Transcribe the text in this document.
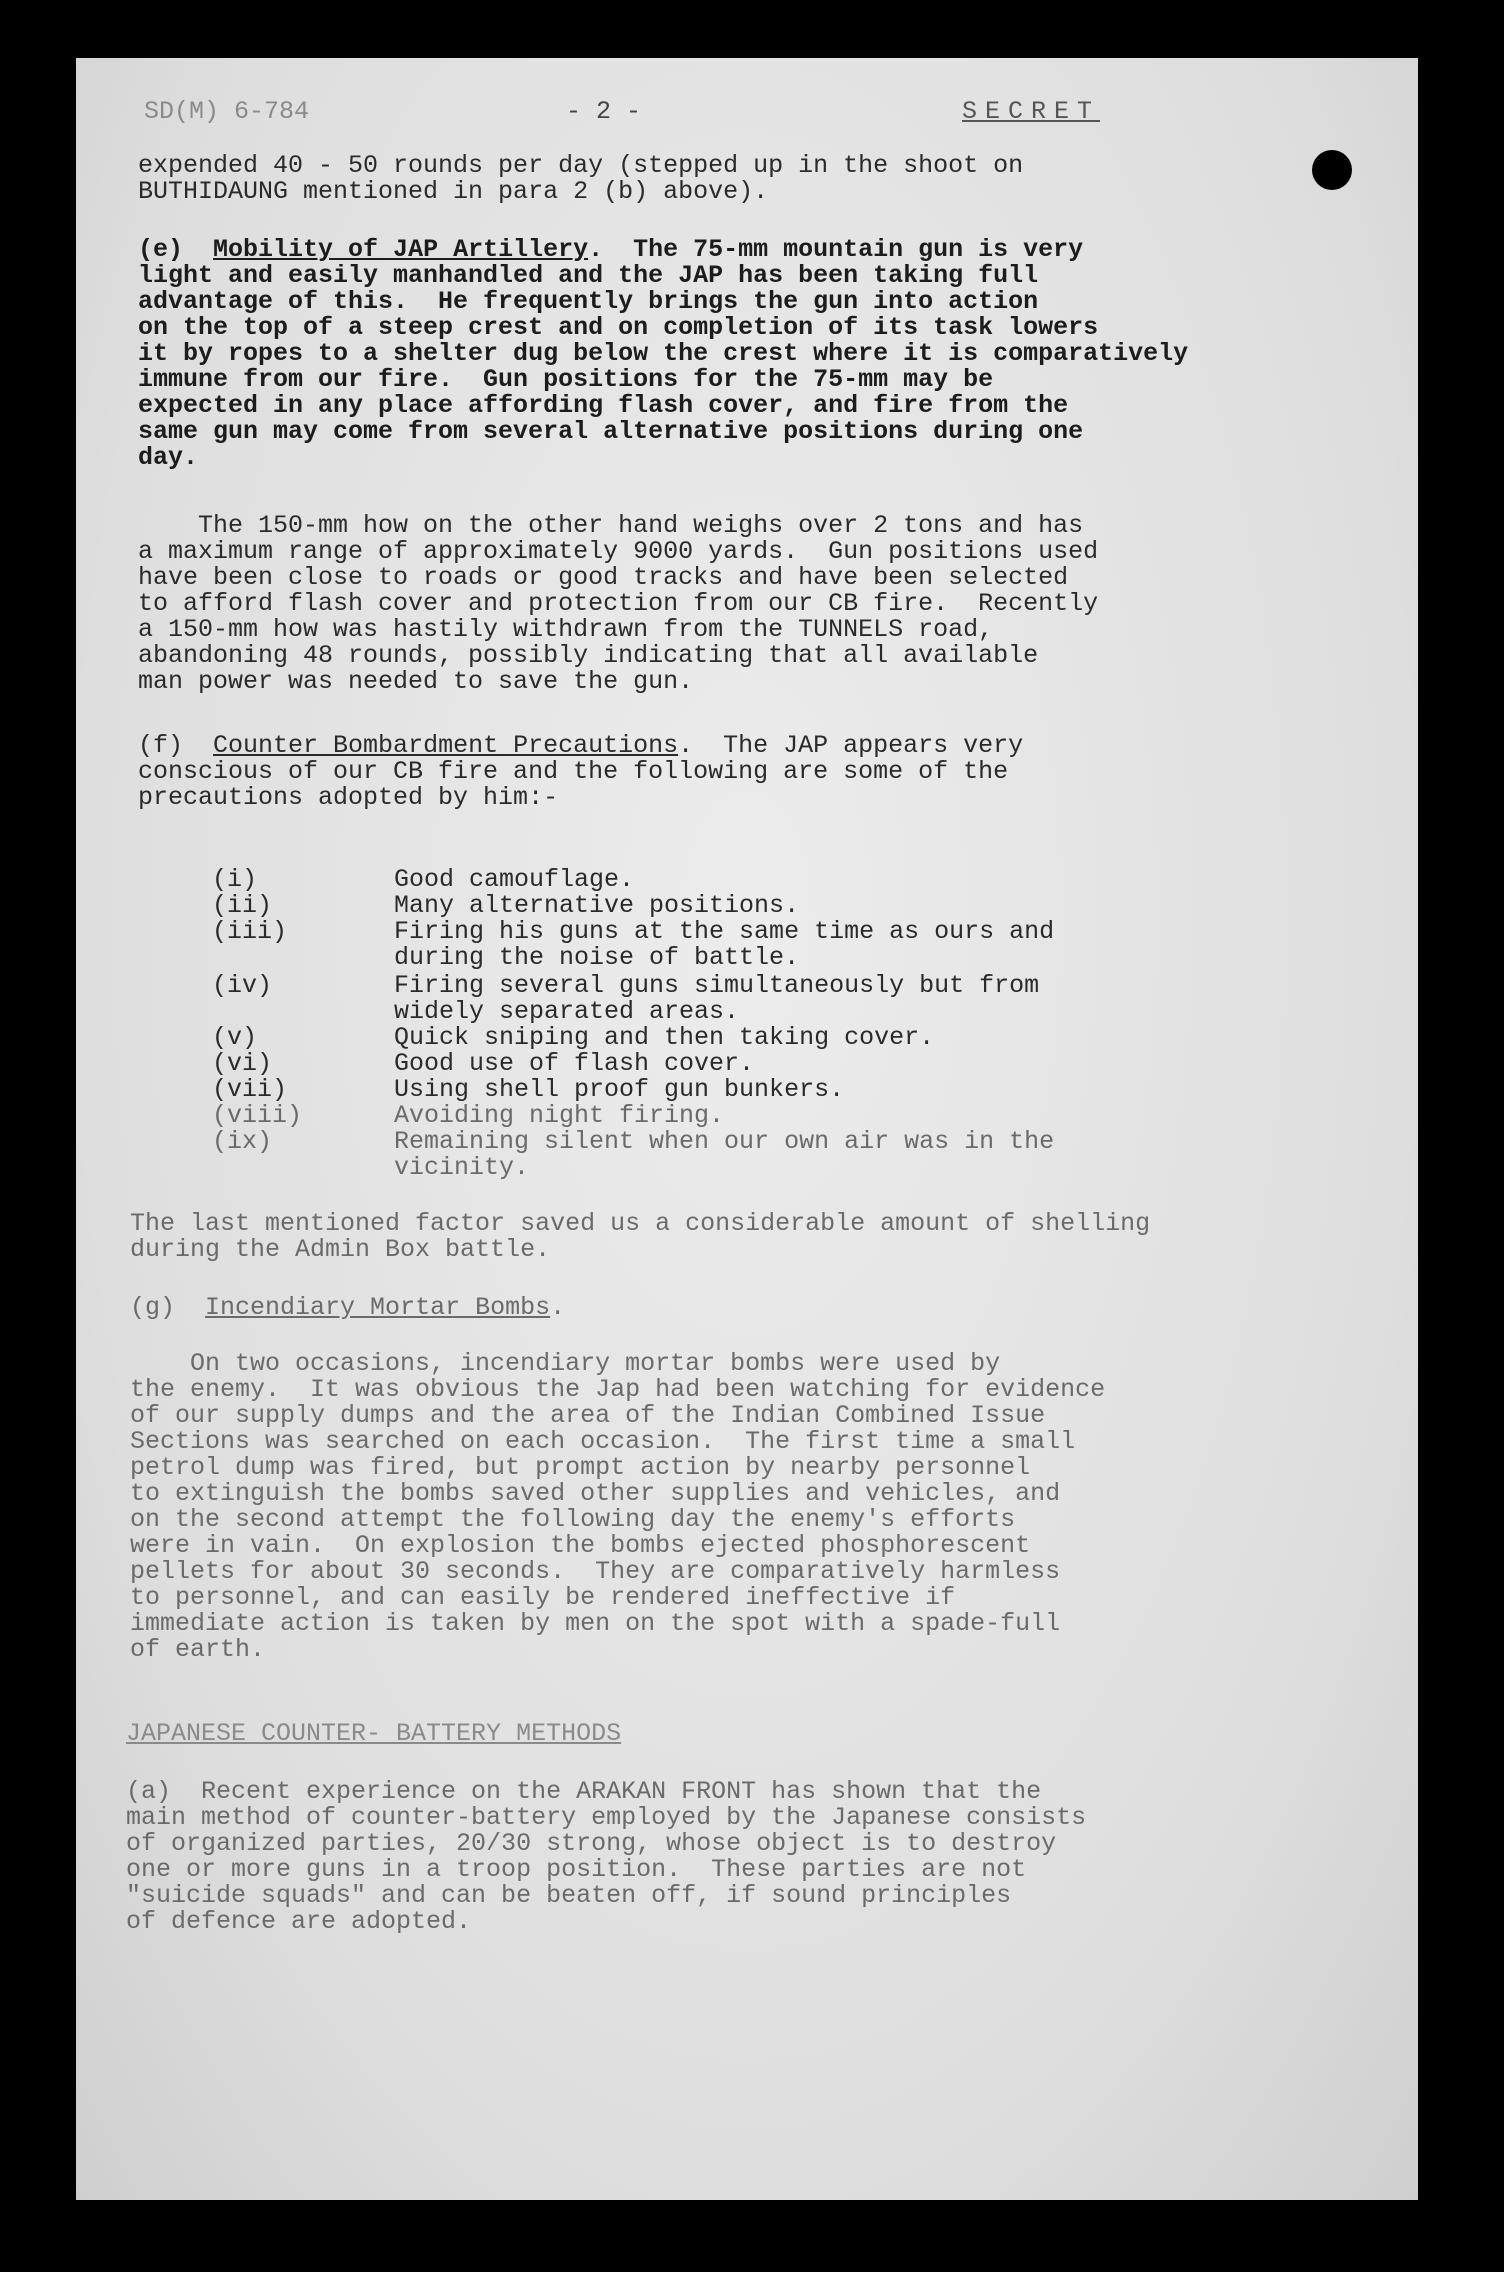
SD(M) 6-784	- 2 -	SECRET
expended 40 - 50 rounds per day (stepped up in the shoot on
BUTHIDAUNG mentioned in para 2 (b) above).
(e) Mobility of JAP Artillery.  The 75-mm mountain gun is very
light and easily manhandled and the JAP has been taking full
advantage of this.  He frequently brings the gun into action
on the top of a steep crest and on completion of its task lowers
it by ropes to a shelter dug below the crest where it is comparatively
immune from our fire.  Gun positions for the 75-mm may be
expected in any place affording flash cover, and fire from the
same gun may come from several alternative positions during one
day.
The 150-mm how on the other hand weighs over 2 tons and has
a maximum range of approximately 9000 yards.  Gun positions used
have been close to roads or good tracks and have been selected
to afford flash cover and protection from our CB fire.  Recently
a 150-mm how was hastily withdrawn from the TUNNELS road,
abandoning 48 rounds, possibly indicating that all available
man power was needed to save the gun.
(f) Counter Bombardment Precautions.  The JAP appears very
conscious of our CB fire and the following are some of the
precautions adopted by him:-
(i)	Good camouflage.
(ii)	Many alternative positions.
(iii)	Firing his guns at the same time as ours and
during the noise of battle.
(iv)	Firing several guns simultaneously but from
widely separated areas.
(v)	Quick sniping and then taking cover.
(vi)	Good use of flash cover.
(vii)	Using shell proof gun bunkers.
(viii)	Avoiding night firing.
(ix)	Remaining silent when our own air was in the
vicinity.
The last mentioned factor saved us a considerable amount of shelling
during the Admin Box battle.
(g) Incendiary Mortar Bombs.
On two occasions, incendiary mortar bombs were used by
the enemy.  It was obvious the Jap had been watching for evidence
of our supply dumps and the area of the Indian Combined Issue
Sections was searched on each occasion.  The first time a small
petrol dump was fired, but prompt action by nearby personnel
to extinguish the bombs saved other supplies and vehicles, and
on the second attempt the following day the enemy's efforts
were in vain.  On explosion the bombs ejected phosphorescent
pellets for about 30 seconds.  They are comparatively harmless
to personnel, and can easily be rendered ineffective if
immediate action is taken by men on the spot with a spade-full
of earth.
JAPANESE COUNTER- BATTERY METHODS
(a)  Recent experience on the ARAKAN FRONT has shown that the
main method of counter-battery employed by the Japanese consists
of organized parties, 20/30 strong, whose object is to destroy
one or more guns in a troop position.  These parties are not
"suicide squads" and can be beaten off, if sound principles
of defence are adopted.
